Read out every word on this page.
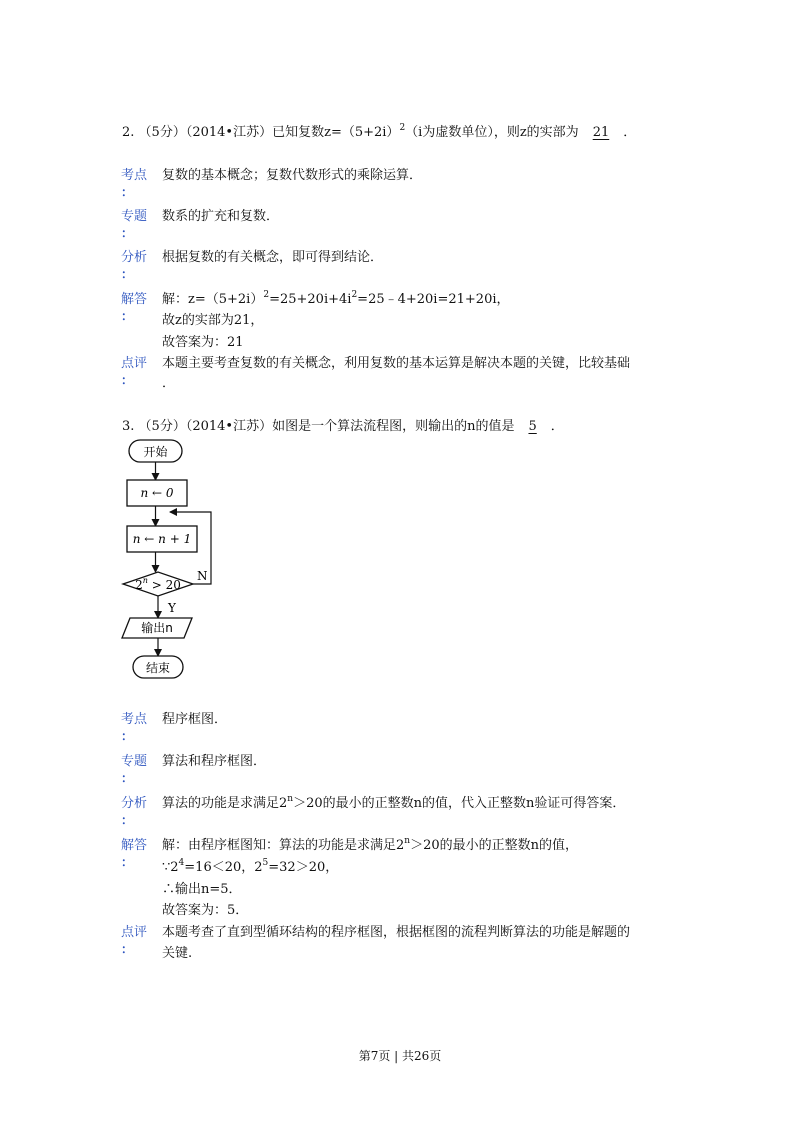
2. （5分）（2014•江苏）已知复数$z=(5+2i)^2(i$为虚数单位），则z的实部为 21 ．
考点
：
复数的基本概念；复数代数形式的乘除运算．
专题
：
数系的扩充和复数．
分析
：
根据复数的有关概念，即可得到结论．
解答
：
解：$z=(5+2i)^2=25+20i+4i^2=25﹣4+20i=21+20i$，
故z的实部为21，
故答案为：21
点评
：
本题主要考查复数的有关概念，利用复数的基本运算是解决本题的关键，比较基础
．
3. （5分）（2014•江苏）如图是一个算法流程图，则输出的n的值是 5 ．
开始
n ← 0
n ← n + 1
$2^n > 20$
N
Y
输出n
结束
考点
：
程序框图．
专题
：
算法和程序框图．
分析
：
算法的功能是求满足$2^n>20$的最小的正整数n的值，代入正整数n验证可得答案．
解答
：
解：由程序框图知：算法的功能是求满足$2^n>20$的最小的正整数n的值，
$\because 2^4=16<20$，$2^5=32>20$，
∴输出n=5．
故答案为：5．
点评
：
本题考查了直到型循环结构的程序框图，根据框图的流程判断算法的功能是解题的
关键.
第7页 | 共26页
